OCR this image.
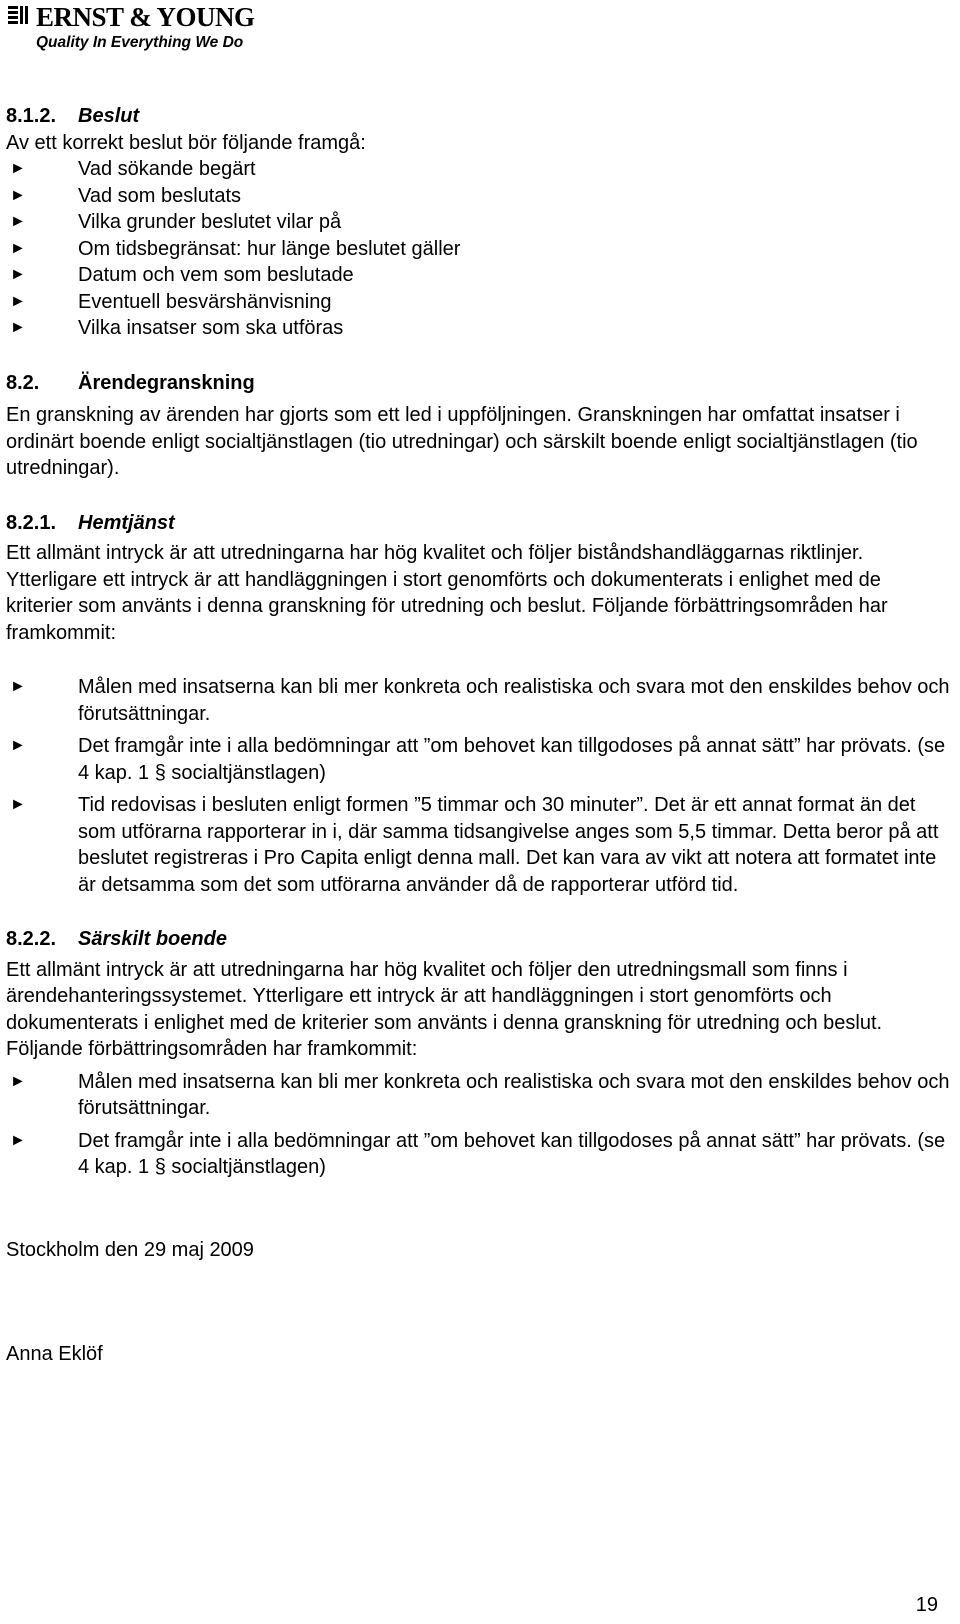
ERNST & YOUNG
Quality In Everything We Do

8.1.2. Beslut

Av ett korrekt beslut bör följande framgå:

►	Vad sökande begärt
►	Vad som beslutats
►	Vilka grunder beslutet vilar på
►	Om tidsbegränsat: hur länge beslutet gäller
►	Datum och vem som beslutade
►	Eventuell besvärshänvisning
►	Vilka insatser som ska utföras

8.2. Ärendegranskning

En granskning av ärenden har gjorts som ett led i uppföljningen. Granskningen har omfattat insatser i ordinärt boende enligt socialtjänstlagen (tio utredningar) och särskilt boende enligt socialtjänstlagen (tio utredningar).

8.2.1. Hemtjänst

Ett allmänt intryck är att utredningarna har hög kvalitet och följer biståndshandläggarnas riktlinjer. Ytterligare ett intryck är att handläggningen i stort genomförts och dokumenterats i enlighet med de kriterier som använts i denna granskning för utredning och beslut. Följande förbättringsområden har framkommit:

►	Målen med insatserna kan bli mer konkreta och realistiska och svara mot den enskildes behov och förutsättningar.
►	Det framgår inte i alla bedömningar att ”om behovet kan tillgodoses på annat sätt” har prövats. (se 4 kap. 1 § socialtjänstlagen)
►	Tid redovisas i besluten enligt formen ”5 timmar och 30 minuter”. Det är ett annat format än det som utförarna rapporterar in i, där samma tidsangivelse anges som 5,5 timmar. Detta beror på att beslutet registreras i Pro Capita enligt denna mall. Det kan vara av vikt att notera att formatet inte är detsamma som det som utförarna använder då de rapporterar utförd tid.

8.2.2. Särskilt boende

Ett allmänt intryck är att utredningarna har hög kvalitet och följer den utredningsmall som finns i ärendehanteringssystemet. Ytterligare ett intryck är att handläggningen i stort genomförts och dokumenterats i enlighet med de kriterier som använts i denna granskning för utredning och beslut. Följande förbättringsområden har framkommit:

►	Målen med insatserna kan bli mer konkreta och realistiska och svara mot den enskildes behov och förutsättningar.
►	Det framgår inte i alla bedömningar att ”om behovet kan tillgodoses på annat sätt” har prövats. (se 4 kap. 1 § socialtjänstlagen)

Stockholm den 29 maj 2009

Anna Eklöf

19
